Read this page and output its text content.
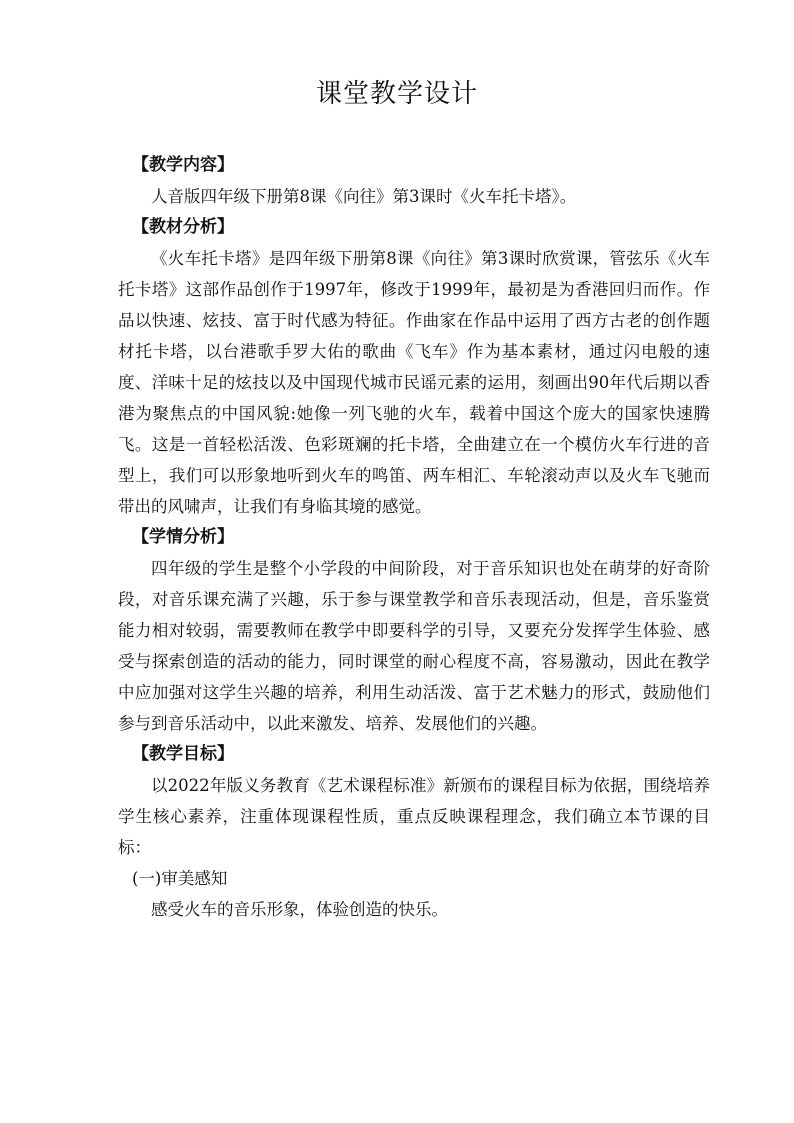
课堂教学设计

【教学内容】

人音版四年级下册第8课《向往》第3课时《火车托卡塔》。

【教材分析】

《火车托卡塔》是四年级下册第8课《向往》第3课时欣赏课，管弦乐《火车托卡塔》这部作品创作于1997年，修改于1999年，最初是为香港回归而作。作品以快速、炫技、富于时代感为特征。作曲家在作品中运用了西方古老的创作题材托卡塔，以台港歌手罗大佑的歌曲《飞车》作为基本素材，通过闪电般的速度、洋味十足的炫技以及中国现代城市民谣元素的运用，刻画出90年代后期以香港为聚焦点的中国风貌:她像一列飞驰的火车，载着中国这个庞大的国家快速腾飞。这是一首轻松活泼、色彩斑斓的托卡塔，全曲建立在一个模仿火车行进的音型上，我们可以形象地听到火车的鸣笛、两车相汇、车轮滚动声以及火车飞驰而带出的风啸声，让我们有身临其境的感觉。

【学情分析】

四年级的学生是整个小学段的中间阶段，对于音乐知识也处在萌芽的好奇阶段，对音乐课充满了兴趣，乐于参与课堂教学和音乐表现活动，但是，音乐鉴赏能力相对较弱，需要教师在教学中即要科学的引导，又要充分发挥学生体验、感受与探索创造的活动的能力，同时课堂的耐心程度不高，容易激动，因此在教学中应加强对这学生兴趣的培养，利用生动活泼、富于艺术魅力的形式，鼓励他们参与到音乐活动中，以此来激发、培养、发展他们的兴趣。

【教学目标】

以2022年版义务教育《艺术课程标准》新颁布的课程目标为依据，围绕培养学生核心素养，注重体现课程性质，重点反映课程理念，我们确立本节课的目标：

(一)审美感知

感受火车的音乐形象，体验创造的快乐。
